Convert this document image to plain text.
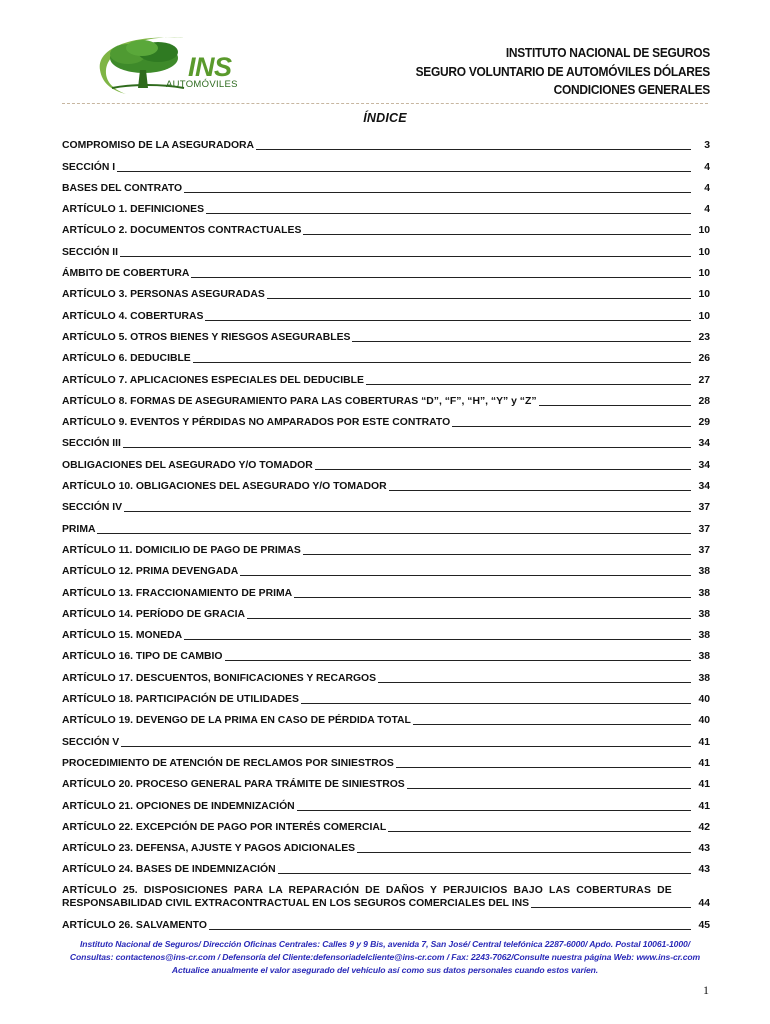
INS
AUTOMÓVILES
INSTITUTO NACIONAL DE SEGUROS
SEGURO VOLUNTARIO DE AUTOMÓVILES DÓLARES
CONDICIONES GENERALES
ÍNDICE
COMPROMISO DE LA ASEGURADORA	3
SECCIÓN I	4
BASES DEL CONTRATO	4
ARTÍCULO 1. DEFINICIONES	4
ARTÍCULO 2. DOCUMENTOS CONTRACTUALES	10
SECCIÓN II	10
ÁMBITO DE COBERTURA	10
ARTÍCULO 3. PERSONAS ASEGURADAS	10
ARTÍCULO 4. COBERTURAS	10
ARTÍCULO 5. OTROS BIENES Y RIESGOS ASEGURABLES	23
ARTÍCULO 6. DEDUCIBLE	26
ARTÍCULO 7. APLICACIONES ESPECIALES DEL DEDUCIBLE	27
ARTÍCULO 8. FORMAS DE ASEGURAMIENTO PARA LAS COBERTURAS “D”, “F”, “H”, “Y” y “Z”	28
ARTÍCULO 9. EVENTOS Y PÉRDIDAS NO AMPARADOS POR ESTE CONTRATO	29
SECCIÓN III	34
OBLIGACIONES DEL ASEGURADO Y/O TOMADOR	34
ARTÍCULO 10. OBLIGACIONES DEL ASEGURADO Y/O TOMADOR	34
SECCIÓN IV	37
PRIMA	37
ARTÍCULO 11. DOMICILIO DE PAGO DE PRIMAS	37
ARTÍCULO 12. PRIMA DEVENGADA	38
ARTÍCULO 13. FRACCIONAMIENTO DE PRIMA	38
ARTÍCULO 14. PERÍODO DE GRACIA	38
ARTÍCULO 15. MONEDA	38
ARTÍCULO 16. TIPO DE CAMBIO	38
ARTÍCULO 17. DESCUENTOS, BONIFICACIONES Y RECARGOS	38
ARTÍCULO 18. PARTICIPACIÓN DE UTILIDADES	40
ARTÍCULO 19. DEVENGO DE LA PRIMA EN CASO DE PÉRDIDA TOTAL	40
SECCIÓN V	41
PROCEDIMIENTO DE ATENCIÓN DE RECLAMOS POR SINIESTROS	41
ARTÍCULO 20. PROCESO GENERAL PARA TRÁMITE DE SINIESTROS	41
ARTÍCULO 21. OPCIONES DE INDEMNIZACIÓN	41
ARTÍCULO 22. EXCEPCIÓN DE PAGO POR INTERÉS COMERCIAL	42
ARTÍCULO 23. DEFENSA, AJUSTE Y PAGOS ADICIONALES	43
ARTÍCULO 24. BASES DE INDEMNIZACIÓN	43
ARTÍCULO 25. DISPOSICIONES PARA LA REPARACIÓN DE DAÑOS Y PERJUICIOS BAJO LAS COBERTURAS DE
RESPONSABILIDAD CIVIL EXTRACONTRACTUAL EN LOS SEGUROS COMERCIALES DEL INS	44
ARTÍCULO 26. SALVAMENTO	45
Instituto Nacional de Seguros/ Dirección Oficinas Centrales: Calles 9 y 9 Bis, avenida 7, San José/ Central telefónica 2287-6000/ Apdo. Postal 10061-1000/
Consultas: contactenos@ins-cr.com / Defensoría del Cliente:defensoriadelcliente@ins-cr.com / Fax: 2243-7062/Consulte nuestra página Web: www.ins-cr.com
Actualice anualmente el valor asegurado del vehículo así como sus datos personales cuando estos varíen.
1
